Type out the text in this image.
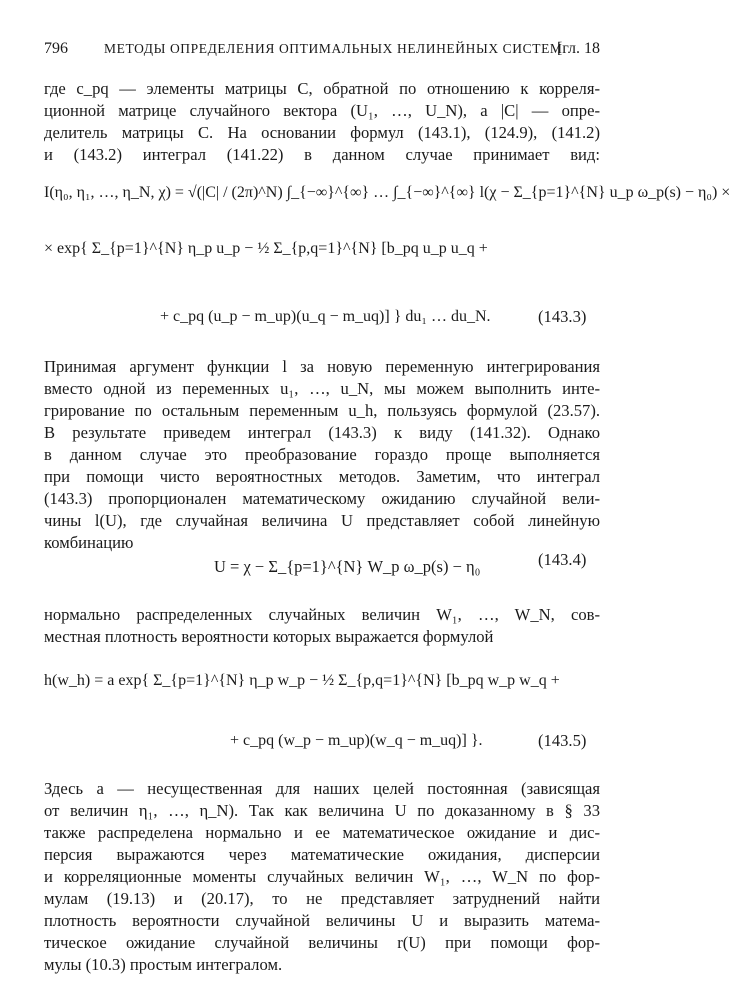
796	МЕТОДЫ ОПРЕДЕЛЕНИЯ ОПТИМАЛЬНЫХ НЕЛИНЕЙНЫХ СИСТЕМ
[гл. 18
где c_pq — элементы матрицы C, обратной по отношению к корреля-
ционной матрице случайного вектора (U₁, …, U_N), а |C| — опре-
делитель матрицы C. На основании формул (143.1), (124.9), (141.2)
и (143.2) интеграл (141.22) в данном случае принимает вид:
I(η₀, η₁, …, η_N, χ) = √(|C| / (2π)^N) ∫_{−∞}^{∞} … ∫_{−∞}^{∞} l(χ − Σ_{p=1}^{N} u_p ω_p(s) − η₀) ×
× exp{ Σ_{p=1}^{N} η_p u_p − ½ Σ_{p,q=1}^{N} [b_pq u_p u_q +
+ c_pq (u_p − m_up)(u_q − m_uq)] } du₁ … du_N.	(143.3)
Принимая аргумент функции l за новую переменную интегрирования
вместо одной из переменных u₁, …, u_N, мы можем выполнить инте-
грирование по остальным переменным u_h, пользуясь формулой (23.57).
В результате приведем интеграл (143.3) к виду (141.32). Однако
в данном случае это преобразование гораздо проще выполняется
при помощи чисто вероятностных методов. Заметим, что интеграл
(143.3) пропорционален математическому ожиданию случайной вели-
чины l(U), где случайная величина U представляет собой линейную
комбинацию
U = χ − Σ_{p=1}^{N} W_p ω_p(s) − η₀	(143.4)
нормально распределенных случайных величин W₁, …, W_N, сов-
местная плотность вероятности которых выражается формулой
h(w_h) = a exp{ Σ_{p=1}^{N} η_p w_p − ½ Σ_{p,q=1}^{N} [b_pq w_p w_q +
+ c_pq (w_p − m_up)(w_q − m_uq)] }.	(143.5)
Здесь a — несущественная для наших целей постоянная (зависящая
от величин η₁, …, η_N). Так как величина U по доказанному в § 33
также распределена нормально и ее математическое ожидание и дис-
персия выражаются через математические ожидания, дисперсии
и корреляционные моменты случайных величин W₁, …, W_N по фор-
мулам (19.13) и (20.17), то не представляет затруднений найти
плотность вероятности случайной величины U и выразить матема-
тическое ожидание случайной величины r(U) при помощи фор-
мулы (10.3) простым интегралом.
